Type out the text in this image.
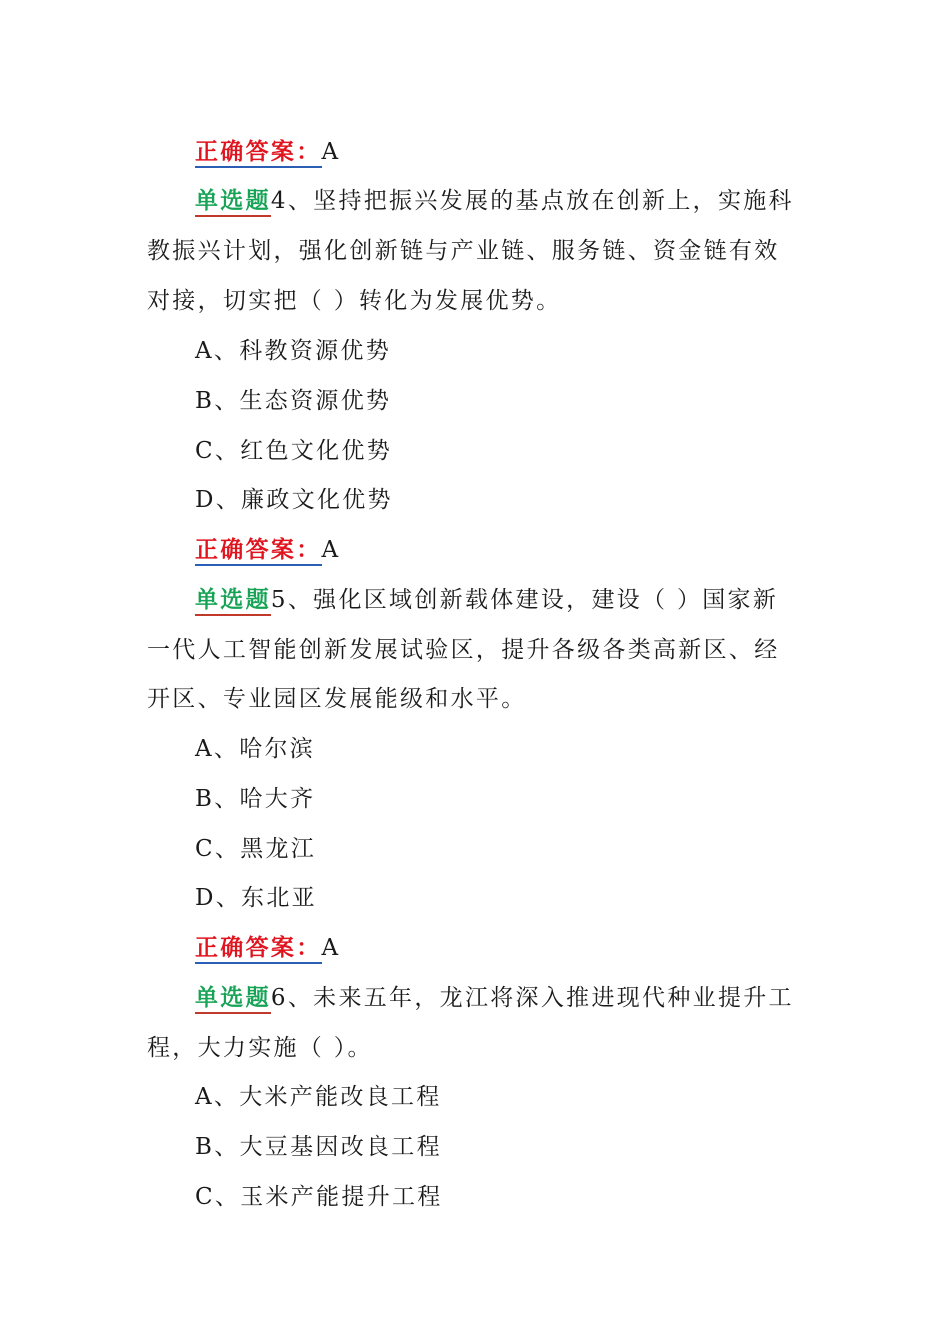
正确答案：A
单选题4、坚持把振兴发展的基点放在创新上，实施科
教振兴计划，强化创新链与产业链、服务链、资金链有效
对接，切实把（ ）转化为发展优势。
A、科教资源优势
B、生态资源优势
C、红色文化优势
D、廉政文化优势
正确答案：A
单选题5、强化区域创新载体建设，建设（ ）国家新
一代人工智能创新发展试验区，提升各级各类高新区、经
开区、专业园区发展能级和水平。
A、哈尔滨
B、哈大齐
C、黑龙江
D、东北亚
正确答案：A
单选题6、未来五年，龙江将深入推进现代种业提升工
程，大力实施（ ）。
A、大米产能改良工程
B、大豆基因改良工程
C、玉米产能提升工程
